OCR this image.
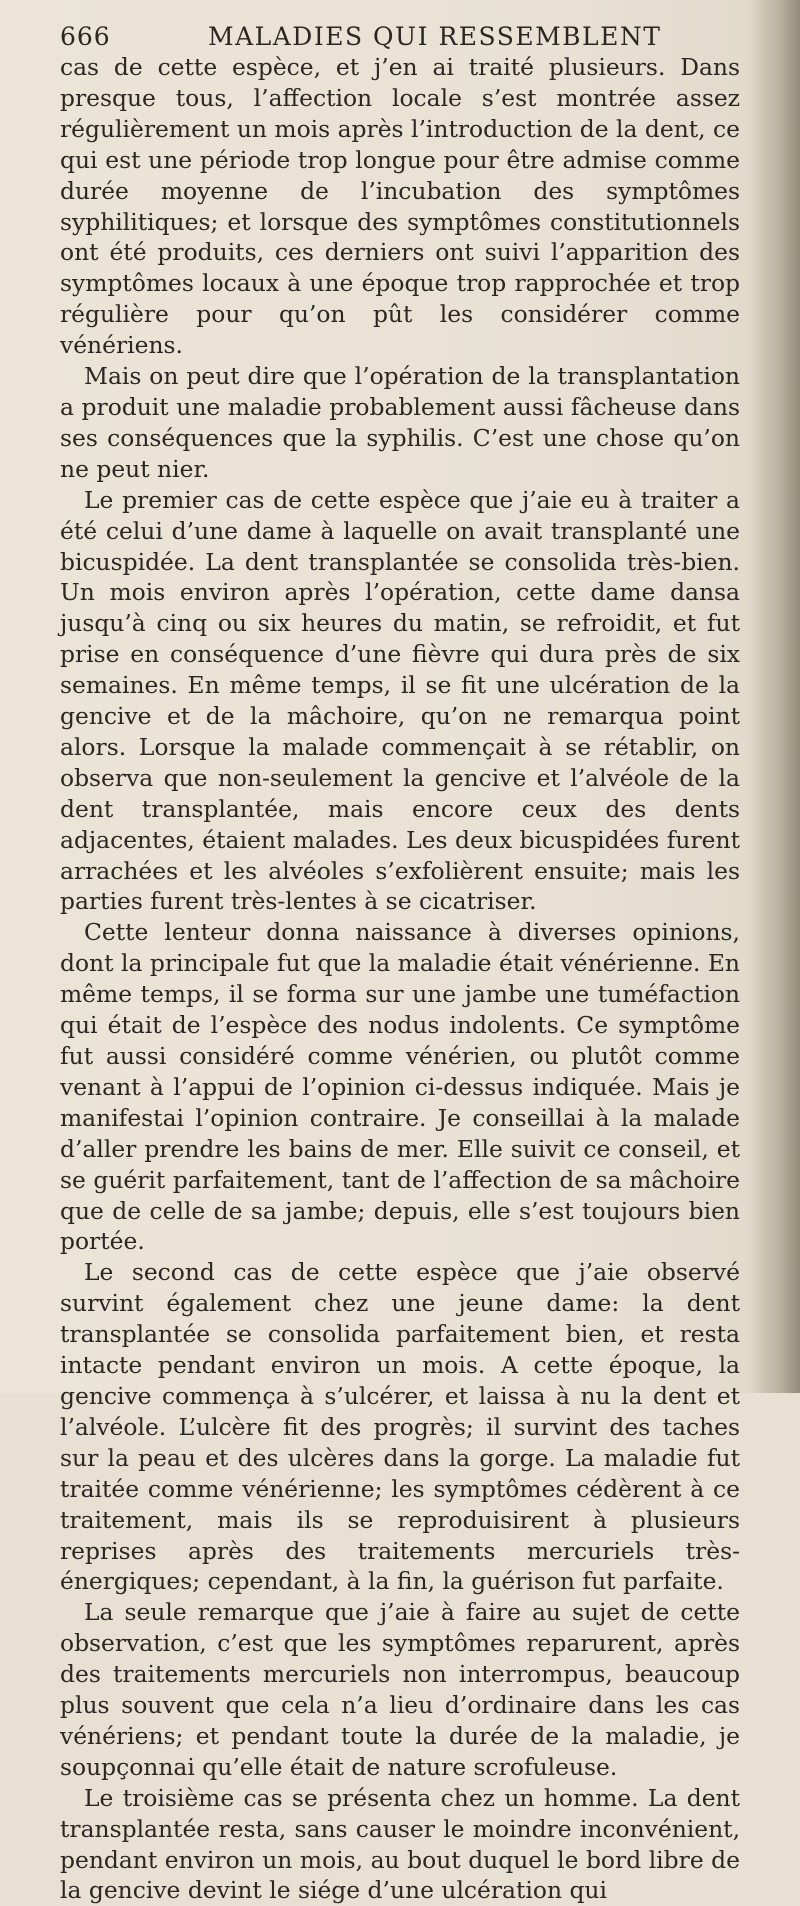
666	MALADIES QUI RESSEMBLENT

cas de cette espèce, et j’en ai traité plusieurs. Dans presque tous, l’affection locale s’est montrée assez régulièrement un mois après l’introduction de la dent, ce qui est une période trop longue pour être admise comme durée moyenne de l’incubation des symptômes syphilitiques; et lorsque des symptômes constitutionnels ont été produits, ces derniers ont suivi l’apparition des symptômes locaux à une époque trop rapprochée et trop régulière pour qu’on pût les considérer comme vénériens.

Mais on peut dire que l’opération de la transplantation a produit une maladie probablement aussi fâcheuse dans ses conséquences que la syphilis. C’est une chose qu’on ne peut nier.

Le premier cas de cette espèce que j’aie eu à traiter a été celui d’une dame à laquelle on avait transplanté une bicuspidée. La dent transplantée se consolida très-bien. Un mois environ après l’opération, cette dame dansa jusqu’à cinq ou six heures du matin, se refroidit, et fut prise en conséquence d’une fièvre qui dura près de six semaines. En même temps, il se fit une ulcération de la gencive et de la mâchoire, qu’on ne remarqua point alors. Lorsque la malade commençait à se rétablir, on observa que non-seulement la gencive et l’alvéole de la dent transplantée, mais encore ceux des dents adjacentes, étaient malades. Les deux bicuspidées furent arrachées et les alvéoles s’exfolièrent ensuite; mais les parties furent très-lentes à se cicatriser.

Cette lenteur donna naissance à diverses opinions, dont la principale fut que la maladie était vénérienne. En même temps, il se forma sur une jambe une tuméfaction qui était de l’espèce des nodus indolents. Ce symptôme fut aussi considéré comme vénérien, ou plutôt comme venant à l’appui de l’opinion ci-dessus indiquée. Mais je manifestai l’opinion contraire. Je conseillai à la malade d’aller prendre les bains de mer. Elle suivit ce conseil, et se guérit parfaitement, tant de l’affection de sa mâchoire que de celle de sa jambe; depuis, elle s’est toujours bien portée.

Le second cas de cette espèce que j’aie observé survint également chez une jeune dame: la dent transplantée se consolida parfaitement bien, et resta intacte pendant environ un mois. A cette époque, la gencive commença à s’ulcérer, et laissa à nu la dent et l’alvéole. L’ulcère fit des progrès; il survint des taches sur la peau et des ulcères dans la gorge. La maladie fut traitée comme vénérienne; les symptômes cédèrent à ce traitement, mais ils se reproduisirent à plusieurs reprises après des traitements mercuriels très-énergiques; cependant, à la fin, la guérison fut parfaite.

La seule remarque que j’aie à faire au sujet de cette observation, c’est que les symptômes reparurent, après des traitements mercuriels non interrompus, beaucoup plus souvent que cela n’a lieu d’ordinaire dans les cas vénériens; et pendant toute la durée de la maladie, je soupçonnai qu’elle était de nature scrofuleuse.

Le troisième cas se présenta chez un homme. La dent transplantée resta, sans causer le moindre inconvénient, pendant environ un mois, au bout duquel le bord libre de la gencive devint le siége d’une ulcération qui
